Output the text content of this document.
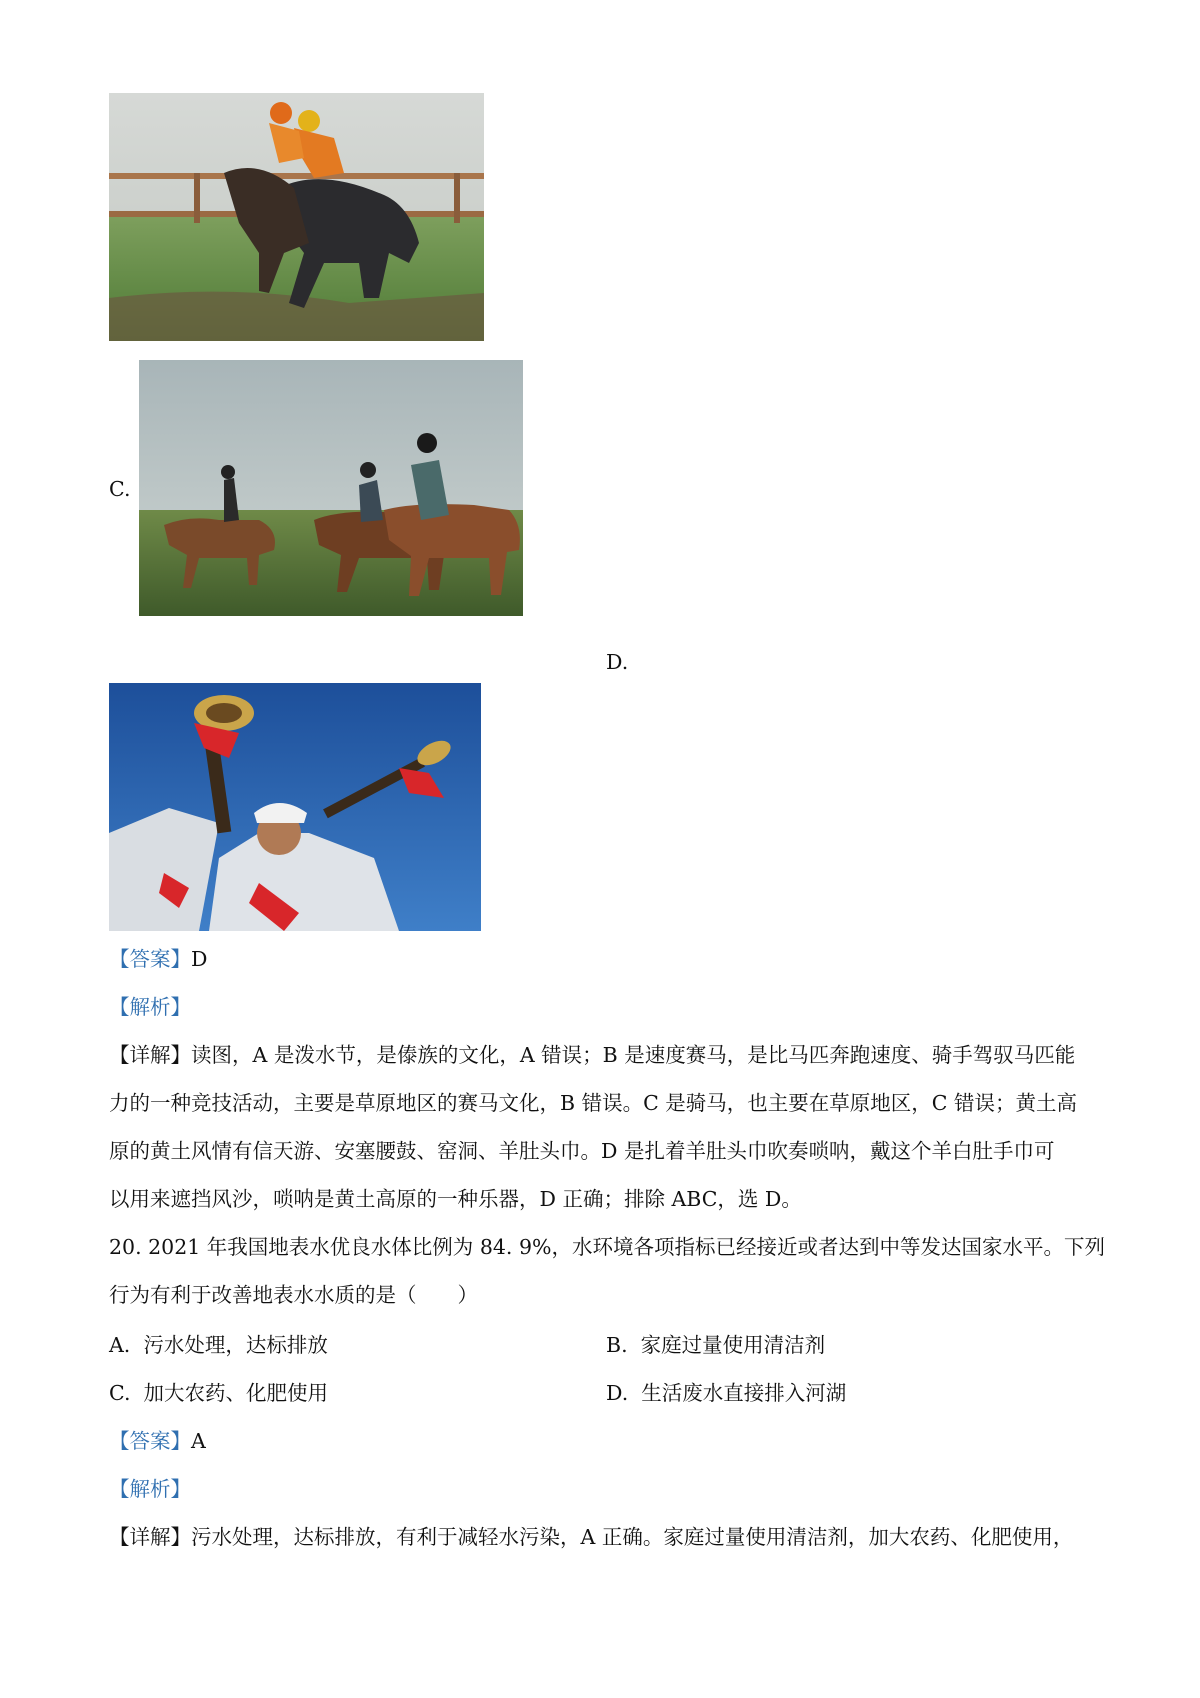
C.
D.
【答案】D
【解析】
【详解】读图，A 是泼水节，是傣族的文化，A 错误；B 是速度赛马，是比马匹奔跑速度、骑手驾驭马匹能
力的一种竞技活动，主要是草原地区的赛马文化，B 错误。C 是骑马，也主要在草原地区，C 错误；黄土高
原的黄土风情有信天游、安塞腰鼓、窑洞、羊肚头巾。D 是扎着羊肚头巾吹奏唢呐，戴这个羊白肚手巾可
以用来遮挡风沙，唢呐是黄土高原的一种乐器，D 正确；排除 ABC，选 D。
20. 2021 年我国地表水优良水体比例为 84. 9%，水环境各项指标已经接近或者达到中等发达国家水平。下列
行为有利于改善地表水水质的是（　　）
A. 污水处理，达标排放	B. 家庭过量使用清洁剂
C. 加大农药、化肥使用	D. 生活废水直接排入河湖
【答案】A
【解析】
【详解】污水处理，达标排放，有利于减轻水污染，A 正确。家庭过量使用清洁剂，加大农药、化肥使用，
